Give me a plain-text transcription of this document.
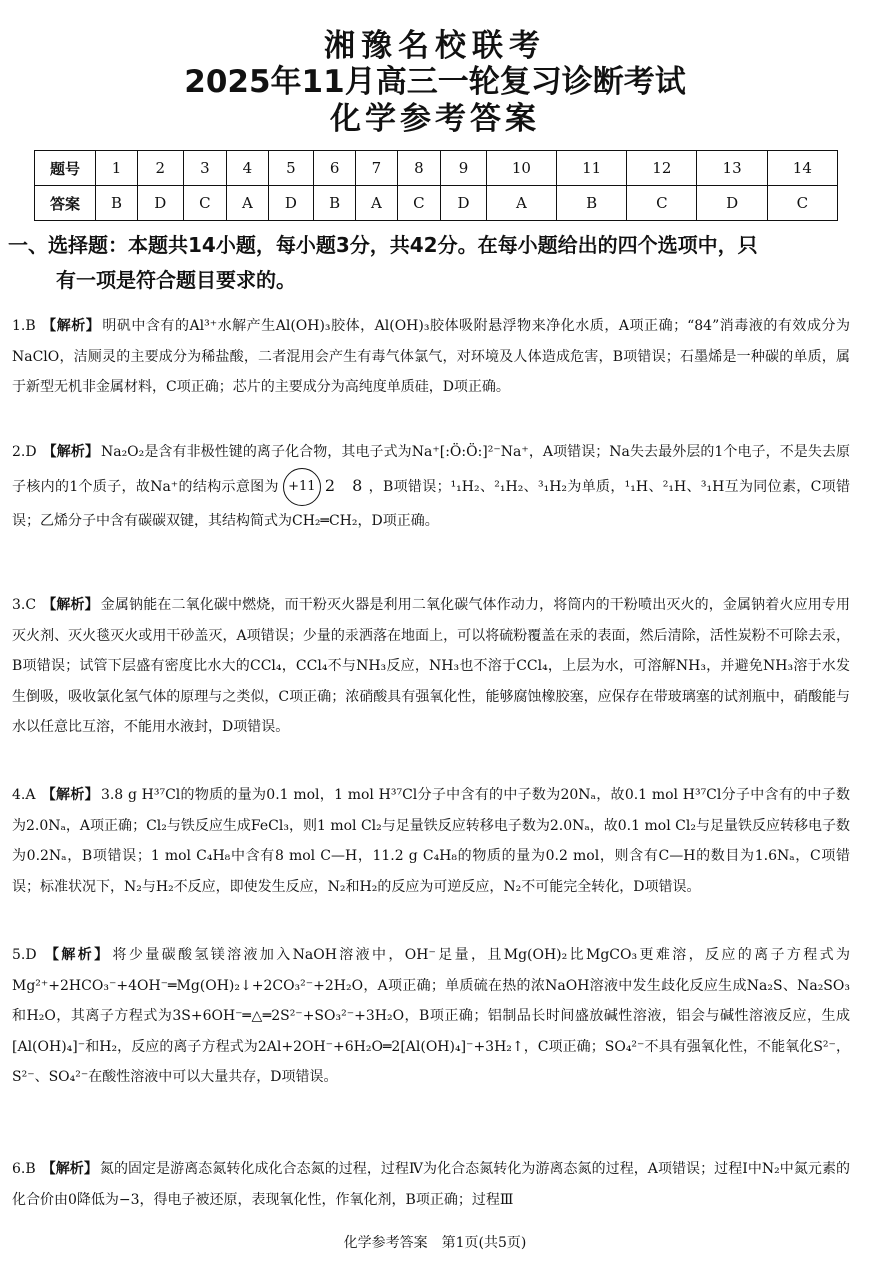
湘豫名校联考
2025年11月高三一轮复习诊断考试
化学参考答案
题号	1	2	3	4	5	6	7	8	9	10	11	12	13	14
答案	B	D	C	A	D	B	A	C	D	A	B	C	D	C
一、选择题：本题共14小题，每小题3分，共42分。在每小题给出的四个选项中，只
有一项是符合题目要求的。
1.B 【解析】 明矾中含有的Al³⁺水解产生Al(OH)₃胶体，Al(OH)₃胶体吸附悬浮物来净化水质，A项正确；“84”消毒液的有效成分为NaClO，洁厕灵的主要成分为稀盐酸，二者混用会产生有毒气体氯气，对环境及人体造成危害，B项错误；石墨烯是一种碳的单质，属于新型无机非金属材料，C项正确；芯片的主要成分为高纯度单质硅，D项正确。
2.D 【解析】 Na₂O₂是含有非极性键的离子化合物，其电子式为Na⁺[:Ö:Ö:]²⁻Na⁺，A项错误；Na失去最外层的1个电子，不是失去原子核内的1个质子，故Na⁺的结构示意图为 +11 2 8，B项错误；¹₁H₂、²₁H₂、³₁H₂为单质，¹₁H、²₁H、³₁H互为同位素，C项错误；乙烯分子中含有碳碳双键，其结构简式为CH₂═CH₂，D项正确。
3.C 【解析】 金属钠能在二氧化碳中燃烧，而干粉灭火器是利用二氧化碳气体作动力，将筒内的干粉喷出灭火的，金属钠着火应用专用灭火剂、灭火毯灭火或用干砂盖灭，A项错误；少量的汞洒落在地面上，可以将硫粉覆盖在汞的表面，然后清除，活性炭粉不可除去汞，B项错误；试管下层盛有密度比水大的CCl₄，CCl₄不与NH₃反应，NH₃也不溶于CCl₄，上层为水，可溶解NH₃，并避免NH₃溶于水发生倒吸，吸收氯化氢气体的原理与之类似，C项正确；浓硝酸具有强氧化性，能够腐蚀橡胶塞，应保存在带玻璃塞的试剂瓶中，硝酸能与水以任意比互溶，不能用水液封，D项错误。
4.A 【解析】 3.8 g H³⁷Cl的物质的量为0.1 mol，1 mol H³⁷Cl分子中含有的中子数为20Nₐ，故0.1 mol H³⁷Cl分子中含有的中子数为2.0Nₐ，A项正确；Cl₂与铁反应生成FeCl₃，则1 mol Cl₂与足量铁反应转移电子数为2.0Nₐ，故0.1 mol Cl₂与足量铁反应转移电子数为0.2Nₐ，B项错误；1 mol C₄H₈中含有8 mol C—H，11.2 g C₄H₈的物质的量为0.2 mol，则含有C—H的数目为1.6Nₐ，C项错误；标准状况下，N₂与H₂不反应，即使发生反应，N₂和H₂的反应为可逆反应，N₂不可能完全转化，D项错误。
5.D 【解析】 将少量碳酸氢镁溶液加入NaOH溶液中，OH⁻足量，且Mg(OH)₂比MgCO₃更难溶，反应的离子方程式为Mg²⁺+2HCO₃⁻+4OH⁻═Mg(OH)₂↓+2CO₃²⁻+2H₂O，A项正确；单质硫在热的浓NaOH溶液中发生歧化反应生成Na₂S、Na₂SO₃和H₂O，其离子方程式为3S+6OH⁻═△═2S²⁻+SO₃²⁻+3H₂O，B项正确；铝制品长时间盛放碱性溶液，铝会与碱性溶液反应，生成[Al(OH)₄]⁻和H₂，反应的离子方程式为2Al+2OH⁻+6H₂O═2[Al(OH)₄]⁻+3H₂↑，C项正确；SO₄²⁻不具有强氧化性，不能氧化S²⁻，S²⁻、SO₄²⁻在酸性溶液中可以大量共存，D项错误。
6.B 【解析】 氮的固定是游离态氮转化成化合态氮的过程，过程Ⅳ为化合态氮转化为游离态氮的过程，A项错误；过程Ⅰ中N₂中氮元素的化合价由0降低为−3，得电子被还原，表现氧化性，作氧化剂，B项正确；过程Ⅲ
化学参考答案　第1页(共5页)
